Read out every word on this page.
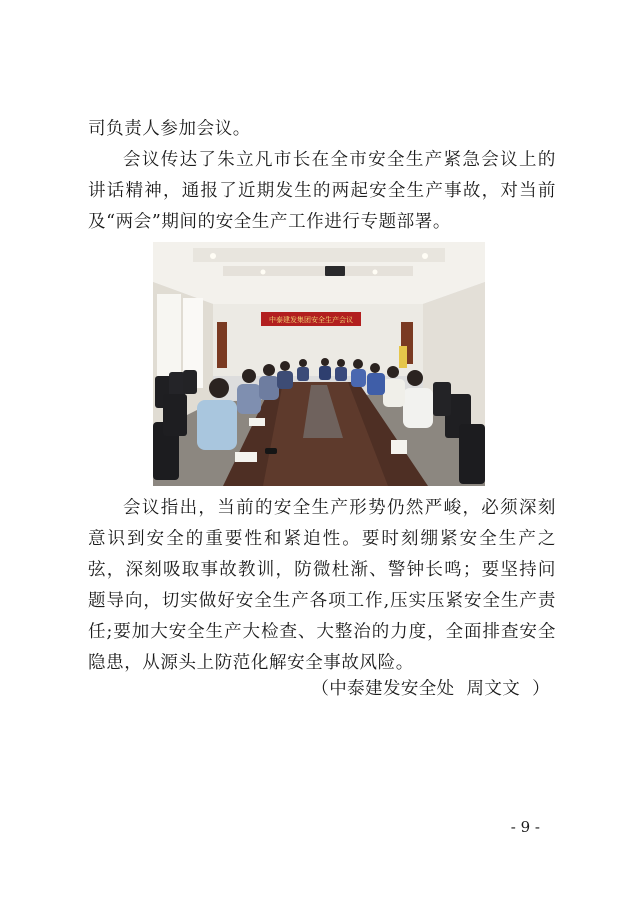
司负责人参加会议。

会议传达了朱立凡市长在全市安全生产紧急会议上的讲话精神，通报了近期发生的两起安全生产事故，对当前及“两会”期间的安全生产工作进行专题部署。

中泰建发集团安全生产会议

会议指出，当前的安全生产形势仍然严峻，必须深刻意识到安全的重要性和紧迫性。要时刻绷紧安全生产之弦，深刻吸取事故教训，防微杜渐、警钟长鸣；要坚持问题导向，切实做好安全生产各项工作,压实压紧安全生产责任;要加大安全生产大检查、大整治的力度，全面排查安全隐患，从源头上防范化解安全事故风险。

（中泰建发安全处  周文文  ）
- 9 -
